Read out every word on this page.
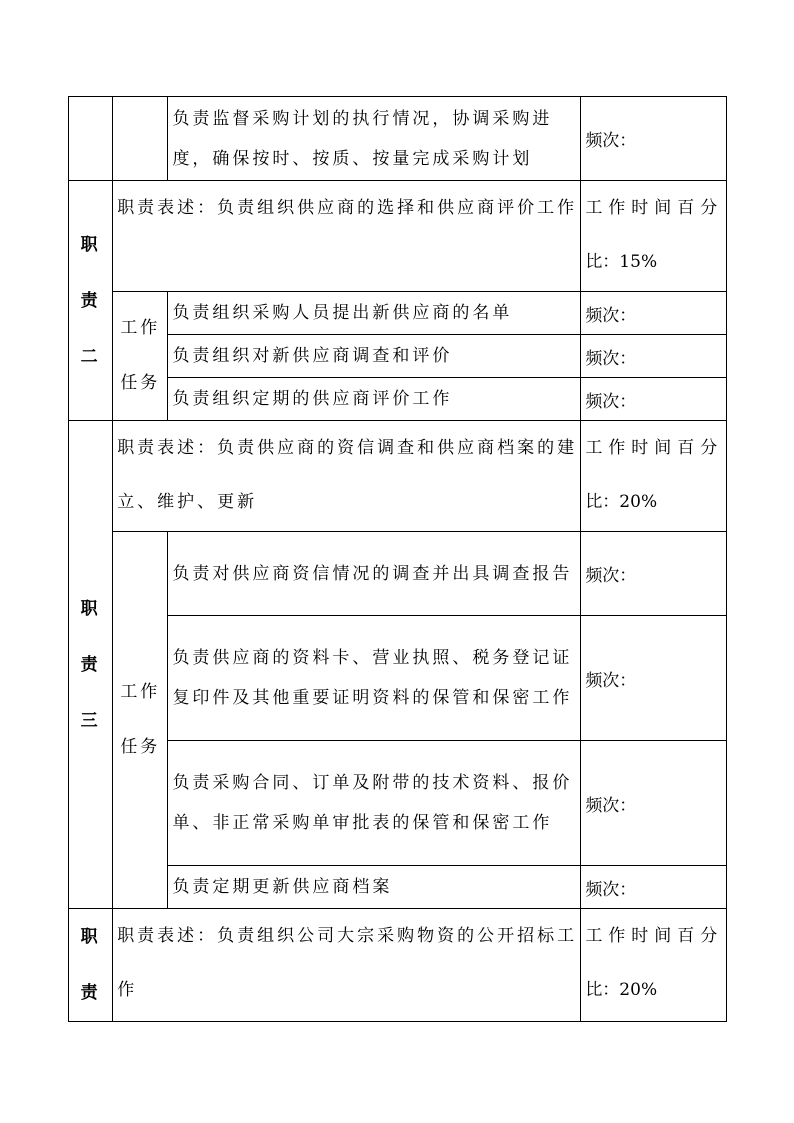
		负责监督采购计划的执行情况，协调采购进度，确保按时、按质、按量完成采购计划	频次：

职
责
二	职责表述：负责组织供应商的选择和供应商评价工作		工作时间百分
比：15%

	工作
任务	负责组织采购人员提出新供应商的名单	频次：
		负责组织对新供应商调查和评价	频次：
		负责组织定期的供应商评价工作	频次：

职
责
三	职责表述：负责供应商的资信调查和供应商档案的建立、维护、更新		工作时间百分
比：20%

	工作
任务	负责对供应商资信情况的调查并出具调查报告	频次：
		负责供应商的资料卡、营业执照、税务登记证复印件及其他重要证明资料的保管和保密工作	频次：
		负责采购合同、订单及附带的技术资料、报价单、非正常采购单审批表的保管和保密工作	频次：
		负责定期更新供应商档案	频次：

职
责	职责表述：负责组织公司大宗采购物资的公开招标工作		工作时间百分
比：20%
